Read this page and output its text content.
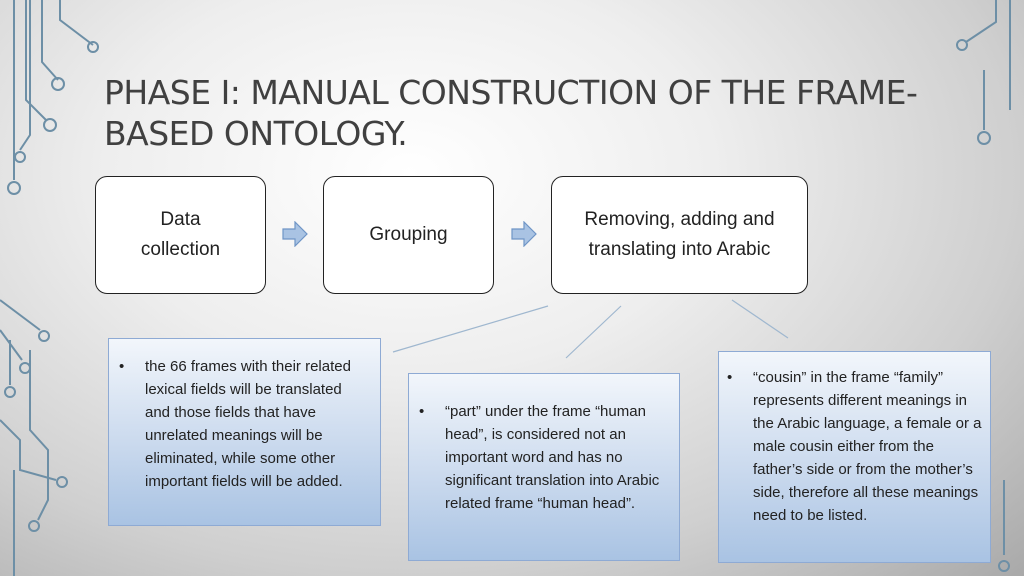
PHASE I: MANUAL CONSTRUCTION OF THE FRAME-BASED ONTOLOGY.
Data collection
Grouping
Removing, adding and translating into Arabic
• the 66 frames with their related lexical fields will be translated and those fields that have unrelated meanings will be eliminated, while some other important fields will be added.
• “part” under the frame “human head”, is considered not an important word and has no significant translation into Arabic related frame “human head”.
• “cousin” in the frame “family” represents different meanings in the Arabic language, a female or a male cousin either from the father’s side or from the mother’s side, therefore all these meanings need to be listed.
